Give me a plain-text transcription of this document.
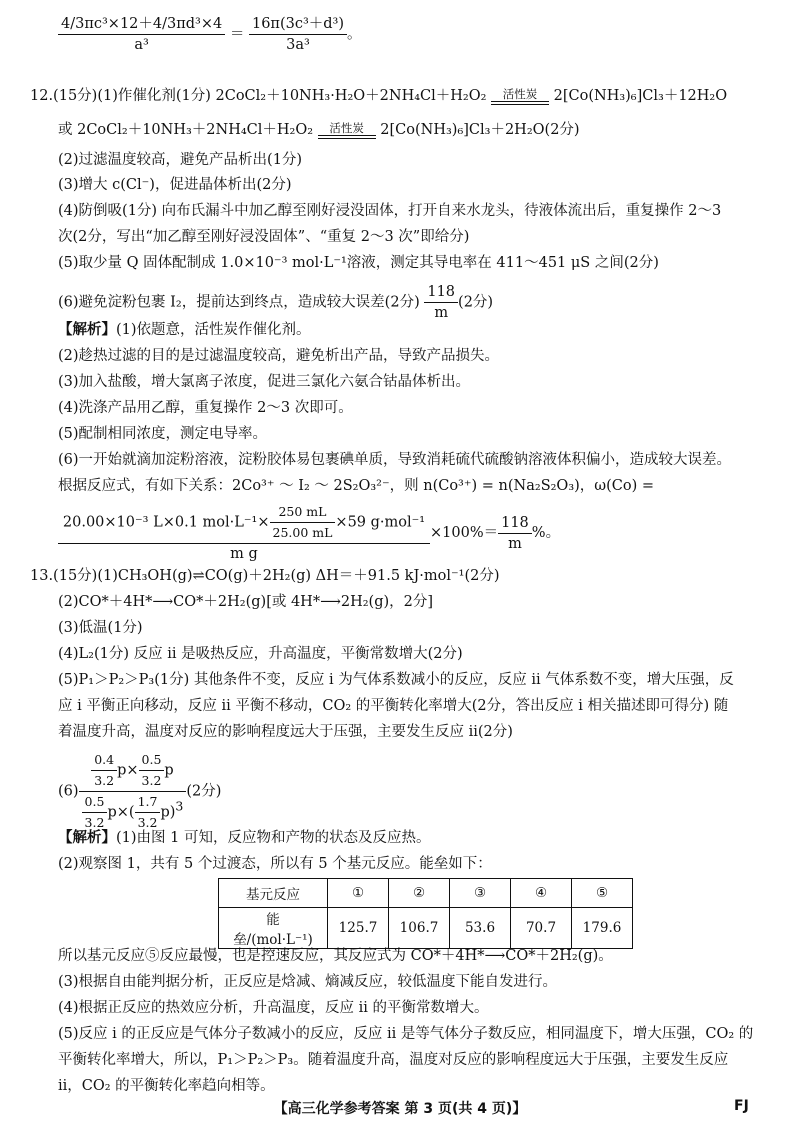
$\frac{\text{4/3πc³×12＋4/3πd³×4}}{\text{a³}} = \frac{\text{16π(3c³＋d³)}}{\text{3a³}}$ 。
12.(15分)(1)作催化剂(1分) 2CoCl₂＋10NH₃·H₂O＋2NH₄Cl＋H₂O₂	活性炭	2[Co(NH₃)₆]Cl₃＋12H₂O
或 2CoCl₂＋10NH₃＋2NH₄Cl＋H₂O₂	活性炭	2[Co(NH₃)₆]Cl₃＋2H₂O(2分)
(2)过滤温度较高，避免产品析出(1分)
(3)增大 c(Cl⁻)，促进晶体析出(2分)
(4)防倒吸(1分) 向布氏漏斗中加乙醇至刚好浸没固体，打开自来水龙头，待液体流出后，重复操作 2～3
次(2分，写出“加乙醇至刚好浸没固体”、“重复 2～3 次”即给分)
(5)取少量 Q 固体配制成 1.0×10⁻³ mol·L⁻¹溶液，测定其导电率在 411～451 μS 之间(2分)
(6)避免淀粉包裹 I₂，提前达到终点，造成较大误差(2分) $\frac{118}{m} (2$分)
【解析】(1)依题意，活性炭作催化剂。
(2)趁热过滤的目的是过滤温度较高，避免析出产品，导致产品损失。
(3)加入盐酸，增大氯离子浓度，促进三氯化六氨合钴晶体析出。
(4)洗涤产品用乙醇，重复操作 2～3 次即可。
(5)配制相同浓度，测定电导率。
(6)一开始就滴加淀粉溶液，淀粉胶体易包裹碘单质，导致消耗硫代硫酸钠溶液体积偏小，造成较大误差。
根据反应式，有如下关系：2Co³⁺ ～ I₂ ～ 2S₂O₃²⁻，则 n(Co³⁺) = n(Na₂S₂O₃)，ω(Co) =
$\frac{20.00\times 10^{-3} L\times 0.1 mol\cdot L^{-1}\times \frac{250 mL}{25.00 mL} \times 59 g\cdot mol^{-1}}{\text{m g}} \times 100\%= \frac{118}{m}$ %。
13.(15分)(1)CH₃OH(g)⇌CO(g)＋2H₂(g) ΔH＝＋91.5 kJ·mol⁻¹(2分)
(2)CO*＋4H*⟶CO*＋2H₂(g)[或 4H*⟶2H₂(g)，2分]
(3)低温(1分)
(4)L₂(1分) 反应 ii 是吸热反应，升高温度，平衡常数增大(2分)
(5)P₁＞P₂＞P₃(1分) 其他条件不变，反应 i 为气体系数减小的反应，反应 ii 气体系数不变，增大压强，反
应 i 平衡正向移动，反应 ii 平衡不移动，CO₂ 的平衡转化率增大(2分，答出反应 i 相关描述即可得分) 随
着温度升高，温度对反应的影响程度远大于压强，主要发生反应 ii(2分)
$(6) \frac{\frac{0.4}{3.2} p\times \frac{0.5}{3.2} p}{\frac{0.5}{3.2} p\times( \frac{1.7}{3.2} p)^3} (2$分)
【解析】(1)由图 1 可知，反应物和产物的状态及反应热。
(2)观察图 1，共有 5 个过渡态，所以有 5 个基元反应。能垒如下：
基元反应	①	②	③	④	⑤
能垒/(mol·L⁻¹)	125.7	106.7	53.6	70.7	179.6
所以基元反应⑤反应最慢，也是控速反应，其反应式为 CO*＋4H*⟶CO*＋2H₂(g)。
(3)根据自由能判据分析，正反应是焓减、熵减反应，较低温度下能自发进行。
(4)根据正反应的热效应分析，升高温度，反应 ii 的平衡常数增大。
(5)反应 i 的正反应是气体分子数减小的反应，反应 ii 是等气体分子数反应，相同温度下，增大压强，CO₂ 的
平衡转化率增大，所以，P₁＞P₂＞P₃。随着温度升高，温度对反应的影响程度远大于压强，主要发生反应
ii，CO₂ 的平衡转化率趋向相等。
【高三化学参考答案 第 3 页(共 4 页)】	FJ
